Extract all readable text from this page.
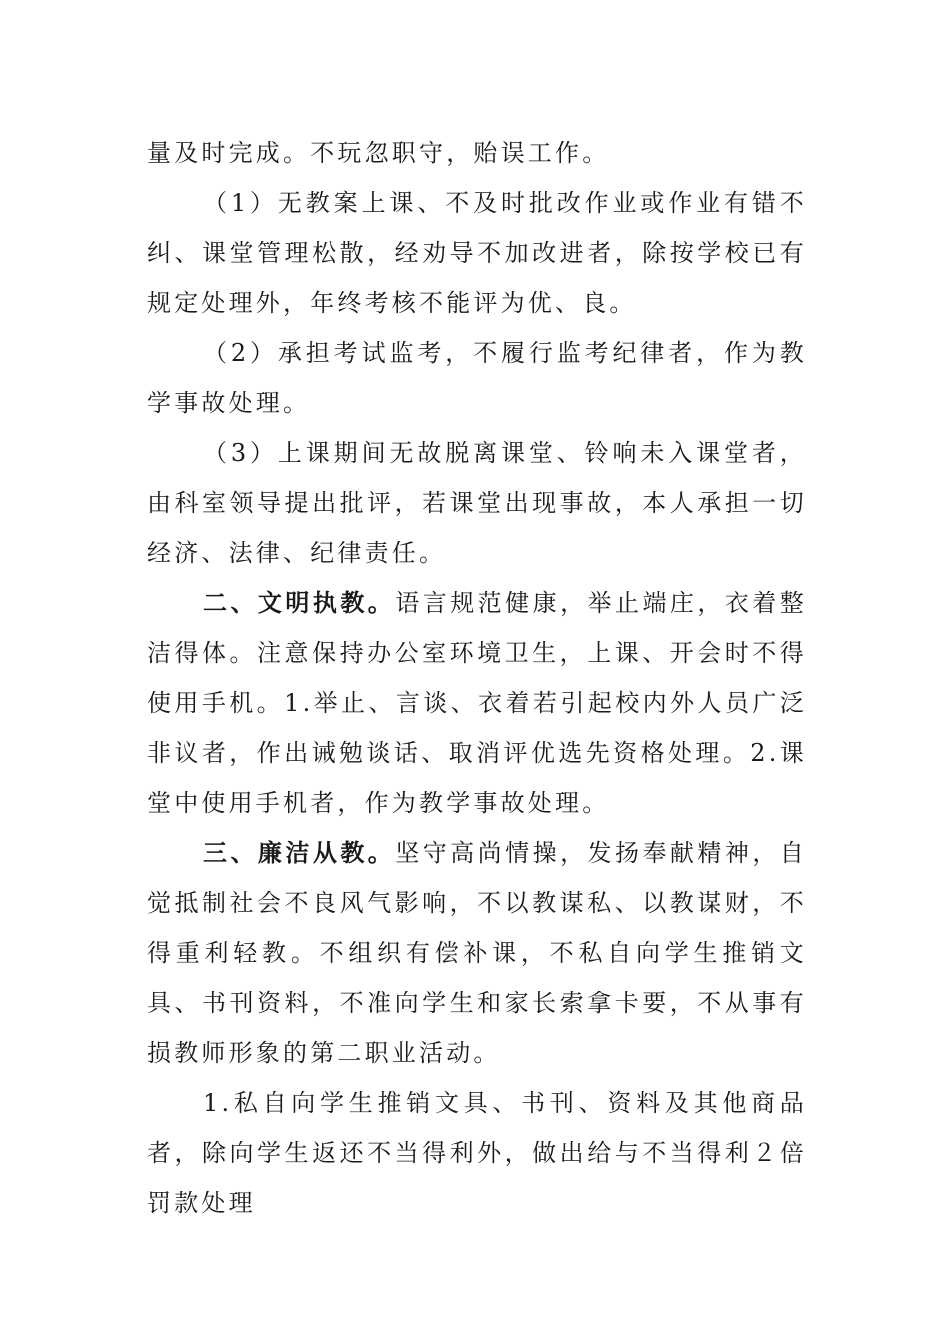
量及时完成。不玩忽职守，贻误工作。

（1）无教案上课、不及时批改作业或作业有错不纠、课堂管理松散，经劝导不加改进者，除按学校已有规定处理外，年终考核不能评为优、良。

（2）承担考试监考，不履行监考纪律者，作为教学事故处理。

（3）上课期间无故脱离课堂、铃响未入课堂者，由科室领导提出批评，若课堂出现事故，本人承担一切经济、法律、纪律责任。

二、文明执教。语言规范健康，举止端庄，衣着整洁得体。注意保持办公室环境卫生，上课、开会时不得使用手机。1.举止、言谈、衣着若引起校内外人员广泛非议者，作出诫勉谈话、取消评优选先资格处理。2.课堂中使用手机者，作为教学事故处理。

三、廉洁从教。坚守高尚情操，发扬奉献精神，自觉抵制社会不良风气影响，不以教谋私、以教谋财，不得重利轻教。不组织有偿补课，不私自向学生推销文具、书刊资料，不准向学生和家长索拿卡要，不从事有损教师形象的第二职业活动。

1.私自向学生推销文具、书刊、资料及其他商品者，除向学生返还不当得利外，做出给与不当得利２倍罚款处理
